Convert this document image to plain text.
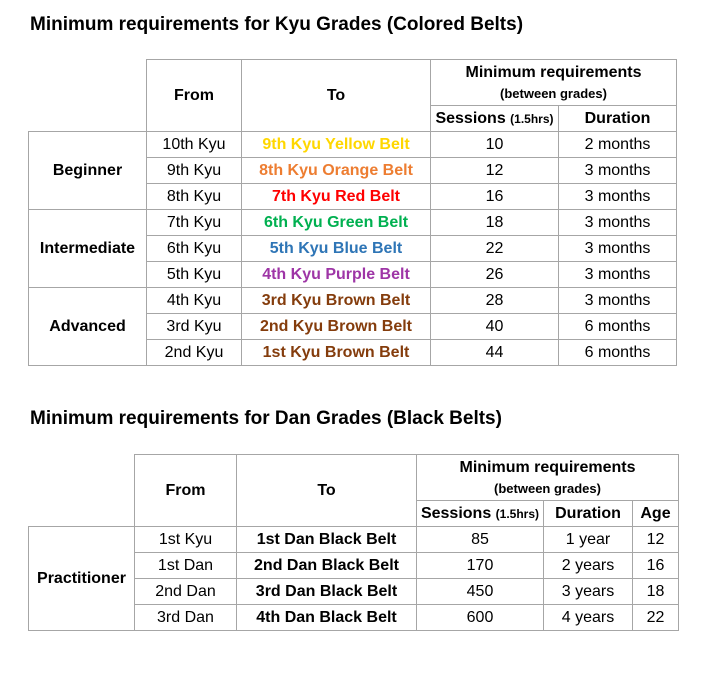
Minimum requirements for Kyu Grades (Colored Belts)
	From	To	Minimum requirements
(between grades)	

			Sessions (1.5hrs)	Duration
Beginner	10th Kyu	9th Kyu Yellow Belt	10	2 months
	9th Kyu	8th Kyu Orange Belt	12	3 months
	8th Kyu	7th Kyu Red Belt	16	3 months
Intermediate	7th Kyu	6th Kyu Green Belt	18	3 months
	6th Kyu	5th Kyu Blue Belt	22	3 months
	5th Kyu	4th Kyu Purple Belt	26	3 months
Advanced	4th Kyu	3rd Kyu Brown Belt	28	3 months
	3rd Kyu	2nd Kyu Brown Belt	40	6 months
	2nd Kyu	1st Kyu Brown Belt	44	6 months
Minimum requirements for Dan Grades (Black Belts)
	From	To	Minimum requirements
(between grades)		

			Sessions (1.5hrs)	Duration	Age
Practitioner	1st Kyu	1st Dan Black Belt	85	1 year	12
	1st Dan	2nd Dan Black Belt	170	2 years	16
	2nd Dan	3rd Dan Black Belt	450	3 years	18
	3rd Dan	4th Dan Black Belt	600	4 years	22
